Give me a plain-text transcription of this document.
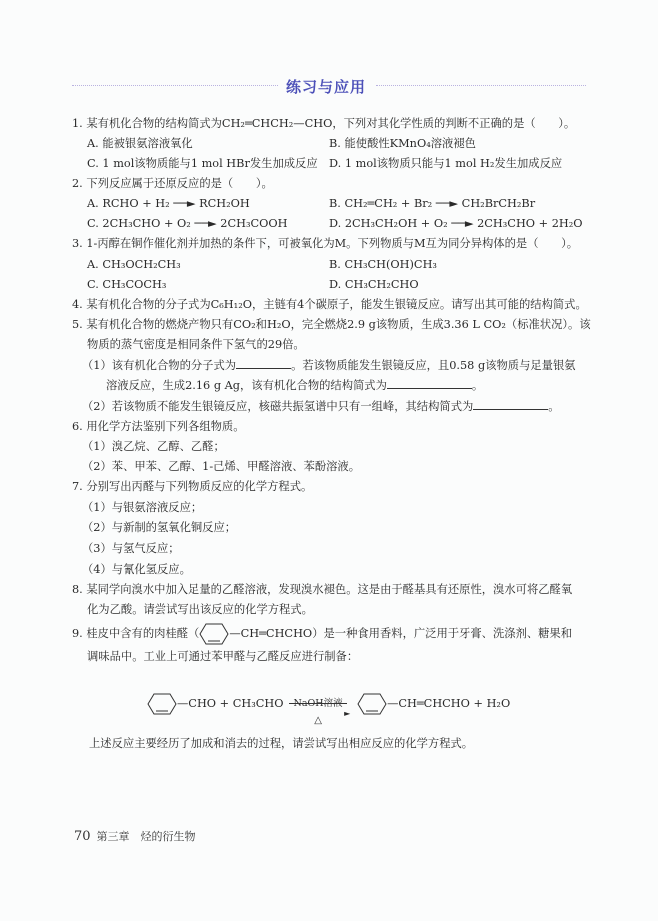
练习与应用
1. 某有机化合物的结构简式为CH₂═CHCH₂—CHO，下列对其化学性质的判断不正确的是（　　）。
A. 能被银氨溶液氧化	B. 能使酸性KMnO₄溶液褪色
C. 1 mol该物质能与1 mol HBr发生加成反应 D. 1 mol该物质只能与1 mol H₂发生加成反应
2. 下列反应属于还原反应的是（　　）。
A. RCHO + H₂ ──► RCH₂OH	B. CH₂═CH₂ + Br₂ ──► CH₂BrCH₂Br
C. 2CH₃CHO + O₂ ──► 2CH₃COOH	D. 2CH₃CH₂OH + O₂ ──► 2CH₃CHO + 2H₂O
3. 1-丙醇在铜作催化剂并加热的条件下，可被氧化为M。下列物质与M互为同分异构体的是（　　）。
A. CH₃OCH₂CH₃	B. CH₃CH(OH)CH₃
C. CH₃COCH₃	D. CH₃CH₂CHO
4. 某有机化合物的分子式为C₆H₁₂O，主链有4个碳原子，能发生银镜反应。请写出其可能的结构简式。
5. 某有机化合物的燃烧产物只有CO₂和H₂O，完全燃烧2.9 g该物质，生成3.36 L CO₂（标准状况）。该
物质的蒸气密度是相同条件下氢气的29倍。
（1）该有机化合物的分子式为	。若该物质能发生银镜反应，且0.58 g该物质与足量银氨
溶液反应，生成2.16 g Ag，该有机化合物的结构简式为	。
（2）若该物质不能发生银镜反应，核磁共振氢谱中只有一组峰，其结构简式为	。
6. 用化学方法鉴别下列各组物质。
（1）溴乙烷、乙醇、乙醛；
（2）苯、甲苯、乙醇、1-己烯、甲醛溶液、苯酚溶液。
7. 分别写出丙醛与下列物质反应的化学方程式。
（1）与银氨溶液反应；
（2）与新制的氢氧化铜反应；
（3）与氢气反应；
（4）与氰化氢反应。
8. 某同学向溴水中加入足量的乙醛溶液，发现溴水褪色。这是由于醛基具有还原性，溴水可将乙醛氧
化为乙酸。请尝试写出该反应的化学方程式。
9. 桂皮中含有的肉桂醛（	—CH═CHCHO）是一种食用香料，广泛用于牙膏、洗涤剂、糖果和
调味品中。工业上可通过苯甲醛与乙醛反应进行制备：
—CHO + CH₃CHO	NaOH溶液
►
△
—CH═CHCHO + H₂O
上述反应主要经历了加成和消去的过程，请尝试写出相应反应的化学方程式。
70 第三章　烃的衍生物
